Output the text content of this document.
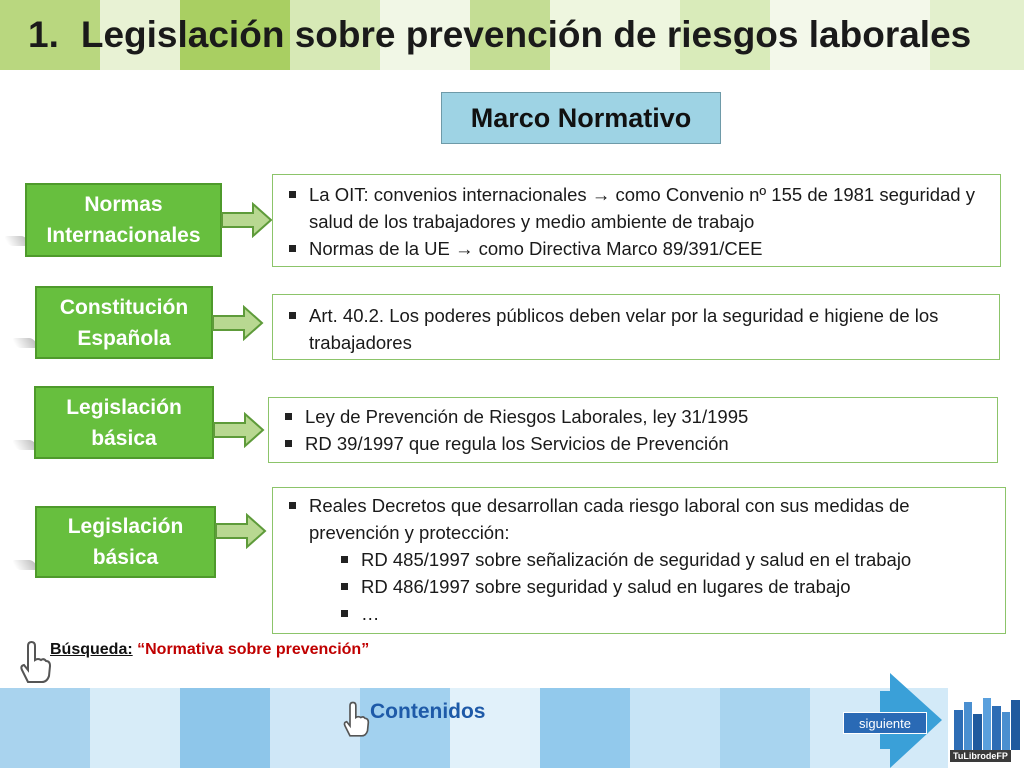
1. Legislación sobre prevención de riesgos laborales
Marco Normativo
Normas
Internacionales
La OIT: convenios internacionales → como Convenio nº 155 de 1981 seguridad y salud de los trabajadores y medio ambiente de trabajo
Normas de la UE → como Directiva Marco 89/391/CEE
Constitución
Española
Art. 40.2. Los poderes públicos deben velar por la seguridad e higiene de los trabajadores
Legislación
básica
Ley de Prevención de Riesgos Laborales, ley 31/1995
RD 39/1997 que regula los Servicios de Prevención
Legislación
básica
Reales Decretos que desarrollan cada riesgo laboral con sus medidas de prevención y protección:
RD 485/1997 sobre señalización de seguridad y salud en el trabajo
RD 486/1997 sobre seguridad y salud en lugares de trabajo
…
Búsqueda: “Normativa sobre prevención”
Contenidos	siguiente
TuLibrodeFP
